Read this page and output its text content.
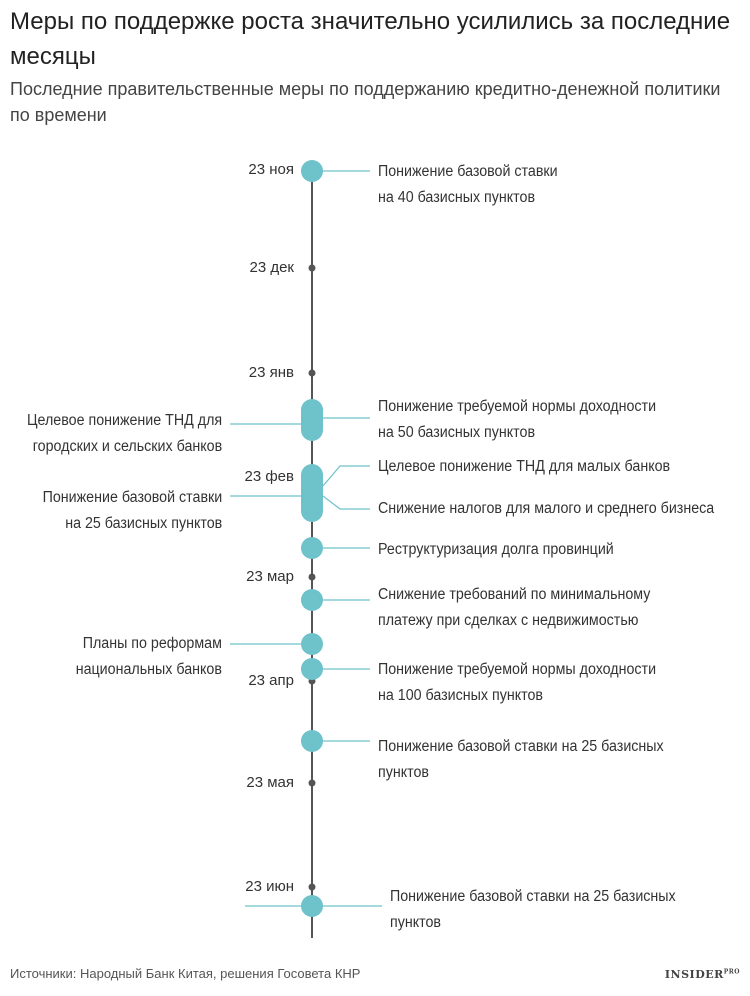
Меры по поддержке роста значительно усилились за последние месяцы

Последние правительственные меры по поддержанию кредитно-денежной политики по времени

23 ноя
23 дек
23 янв
23 фев
23 мар
23 апр
23 мая
23 июн
Понижение базовой ставки
на 40 базисных пунктов
Понижение требуемой нормы доходности
на 50 базисных пунктов
Целевое понижение ТНД для
городских и сельских банков
Целевое понижение ТНД для малых банков
Снижение налогов для малого и среднего бизнеса
Понижение базовой ставки
на 25 базисных пунктов
Реструктуризация долга провинций
Снижение требований по минимальному
платежу при сделках с недвижимостью
Планы по реформам
национальных банков	Понижение требуемой нормы доходности
на 100 базисных пунктов
Понижение базовой ставки на 25 базисных
пунктов
Понижение базовой ставки на 25 базисных
пунктов
Источники: Народный Банк Китая, решения Госовета КНР	$INSIDER^{PRO}$
